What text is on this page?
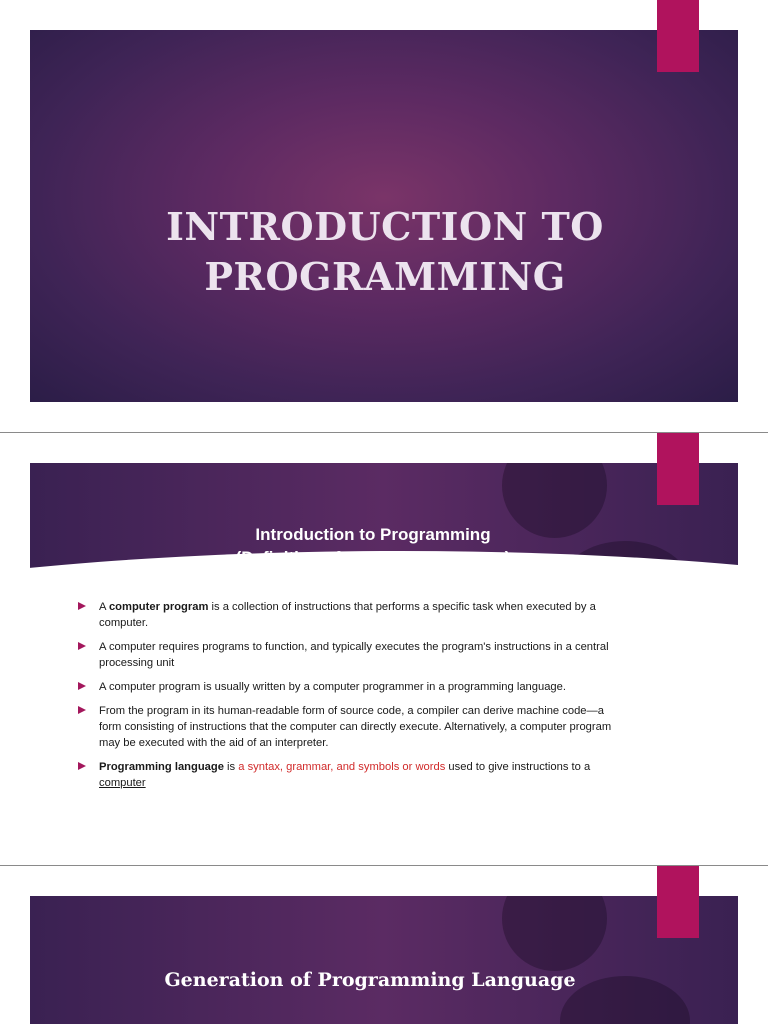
INTRODUCTION TO
PROGRAMMING
Introduction to Programming
(Definition of Computer Program )
A computer program is a collection of instructions that performs a specific task when executed by a computer.
A computer requires programs to function, and typically executes the program's instructions in a central processing unit
A computer program is usually written by a computer programmer in a programming language.
From the program in its human-readable form of source code, a compiler can derive machine code—a form consisting of instructions that the computer can directly execute. Alternatively, a computer program may be executed with the aid of an interpreter.
Programming language is a syntax, grammar, and symbols or words used to give instructions to a computer
Generation of Programming Language
